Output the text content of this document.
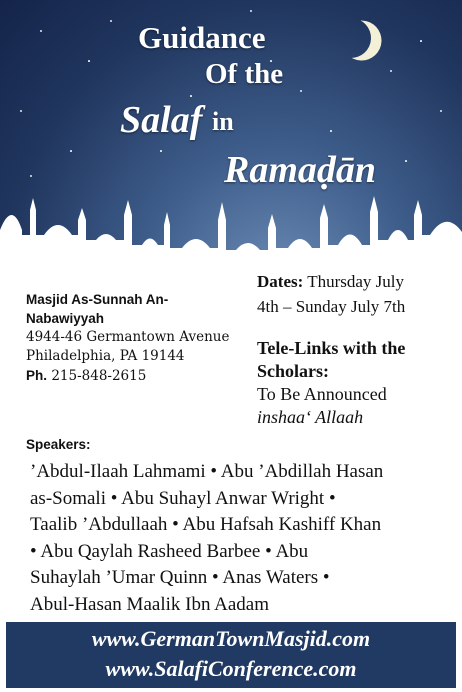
Guidance
Of the
Salaf in
Ramaḍān
Masjid As-Sunnah An-
Nabawiyyah
4944-46 Germantown Avenue
Philadelphia, PA 19144
Ph. 215-848-2615
Dates: Thursday July
4th – Sunday July 7th
Tele-Links with the
Scholars:
To Be Announced
inshaa‘ Allaah
Speakers:
’Abdul-Ilaah Lahmami • Abu ’Abdillah Hasan
as-Somali • Abu Suhayl Anwar Wright •
Taalib ’Abdullaah • Abu Hafsah Kashiff Khan
• Abu Qaylah Rasheed Barbee • Abu
Suhaylah ’Umar Quinn • Anas Waters •
Abul-Hasan Maalik Ibn Aadam
www.GermanTownMasjid.com
www.SalafiConference.com
